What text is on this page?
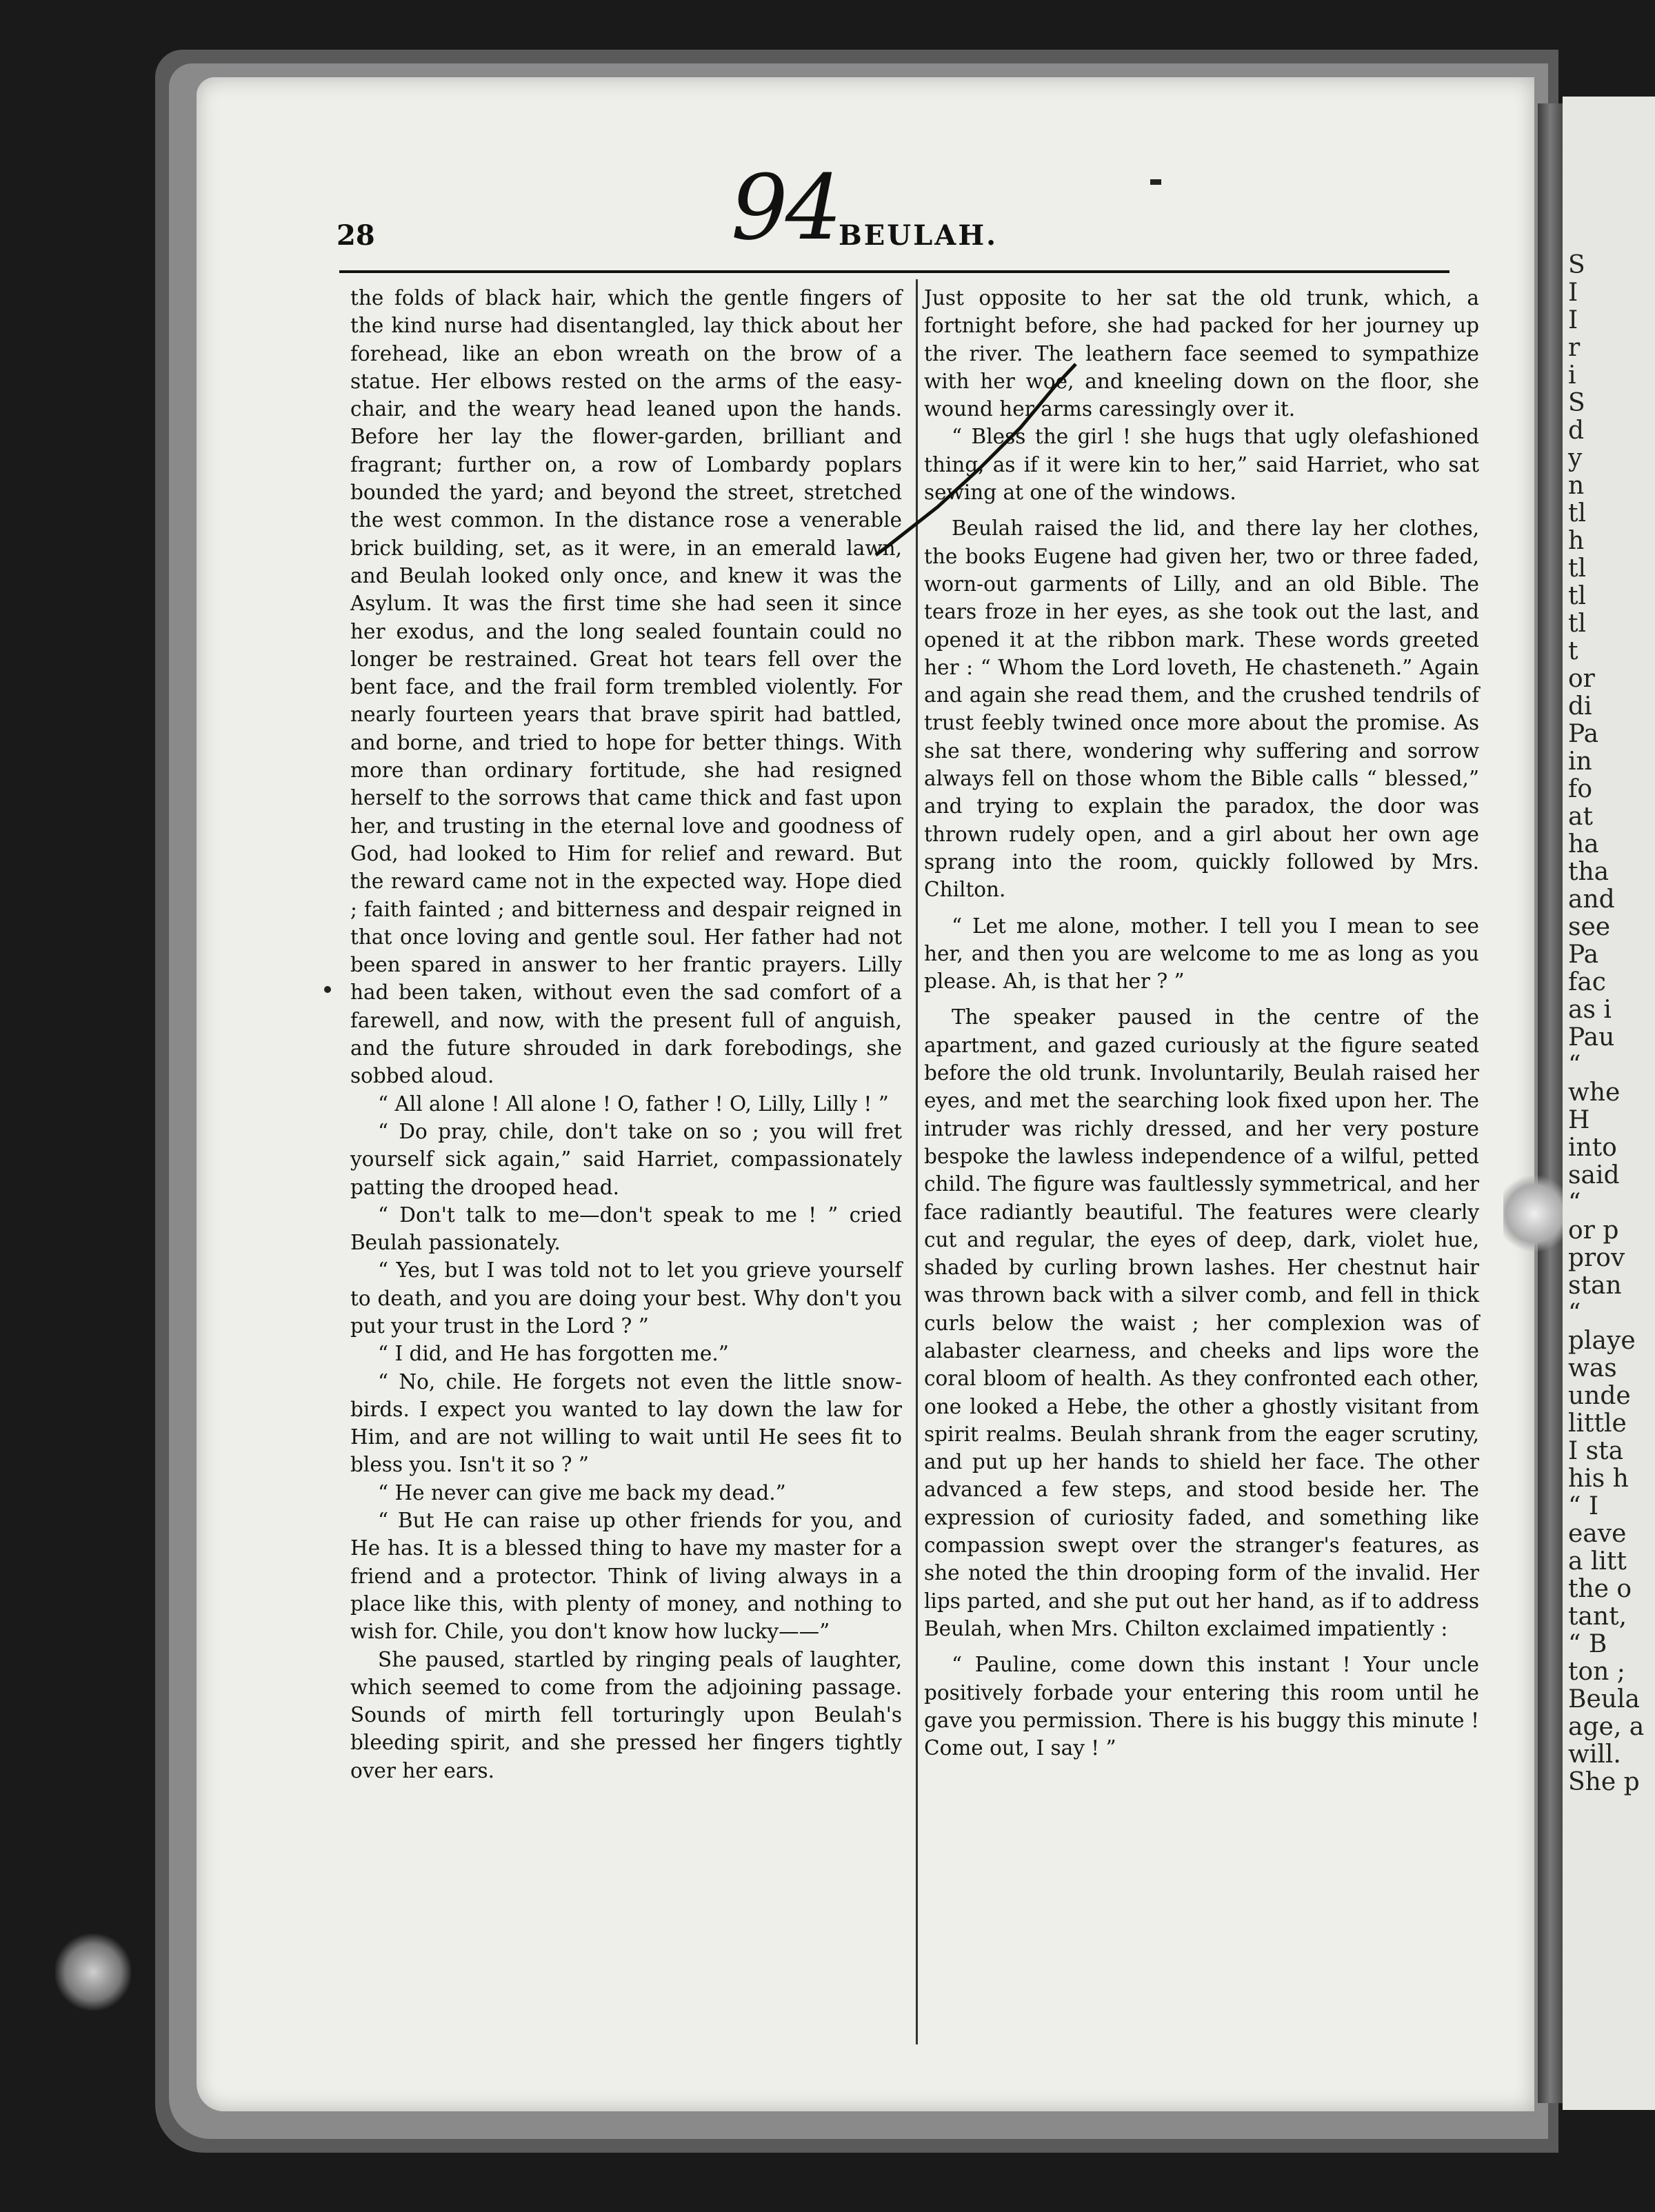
94
28	BEULAH.

the folds of black hair, which the gentle fingers of the kind nurse had disentangled, lay thick about her forehead, like an ebon wreath on the brow of a statue. Her elbows rested on the arms of the easy-chair, and the weary head leaned upon the hands. Before her lay the flower-garden, brilliant and fragrant; further on, a row of Lombardy poplars bounded the yard; and beyond the street, stretched the west common. In the distance rose a venerable brick building, set, as it were, in an emerald lawn, and Beulah looked only once, and knew it was the Asylum. It was the first time she had seen it since her exodus, and the long sealed fountain could no longer be restrained. Great hot tears fell over the bent face, and the frail form trembled violently. For nearly fourteen years that brave spirit had battled, and borne, and tried to hope for better things. With more than ordinary fortitude, she had resigned herself to the sorrows that came thick and fast upon her, and trusting in the eternal love and goodness of God, had looked to Him for relief and reward. But the reward came not in the expected way. Hope died ; faith fainted ; and bitterness and despair reigned in that once loving and gentle soul. Her father had not been spared in answer to her frantic prayers. Lilly had been taken, without even the sad comfort of a farewell, and now, with the present full of anguish, and the future shrouded in dark forebodings, she sobbed aloud.

“ All alone ! All alone ! O, father ! O, Lilly, Lilly ! ”

“ Do pray, chile, don't take on so ; you will fret yourself sick again,” said Harriet, compassionately patting the drooped head.

“ Don't talk to me—don't speak to me ! ” cried Beulah passionately.

“ Yes, but I was told not to let you grieve yourself to death, and you are doing your best. Why don't you put your trust in the Lord ? ”

“ I did, and He has forgotten me.”

“ No, chile. He forgets not even the little snow-birds. I expect you wanted to lay down the law for Him, and are not willing to wait until He sees fit to bless you. Isn't it so ? ”

“ He never can give me back my dead.”

“ But He can raise up other friends for you, and He has. It is a blessed thing to have my master for a friend and a protector. Think of living always in a place like this, with plenty of money, and nothing to wish for. Chile, you don't know how lucky——”

She paused, startled by ringing peals of laughter, which seemed to come from the adjoining passage. Sounds of mirth fell torturingly upon Beulah's bleeding spirit, and she pressed her fingers tightly over her ears.

Just opposite to her sat the old trunk, which, a fortnight before, she had packed for her journey up the river. The leathern face seemed to sympathize with her woe, and kneeling down on the floor, she wound her arms caressingly over it.

“ Bless the girl ! she hugs that ugly olefashioned thing, as if it were kin to her,” said Harriet, who sat sewing at one of the windows.

Beulah raised the lid, and there lay her clothes, the books Eugene had given her, two or three faded, worn-out garments of Lilly, and an old Bible. The tears froze in her eyes, as she took out the last, and opened it at the ribbon mark. These words greeted her : “ Whom the Lord loveth, He chasteneth.” Again and again she read them, and the crushed tendrils of trust feebly twined once more about the promise. As she sat there, wondering why suffering and sorrow always fell on those whom the Bible calls “ blessed,” and trying to explain the paradox, the door was thrown rudely open, and a girl about her own age sprang into the room, quickly followed by Mrs. Chilton.

“ Let me alone, mother. I tell you I mean to see her, and then you are welcome to me as long as you please. Ah, is that her ? ”

The speaker paused in the centre of the apartment, and gazed curiously at the figure seated before the old trunk. Involuntarily, Beulah raised her eyes, and met the searching look fixed upon her. The intruder was richly dressed, and her very posture bespoke the lawless independence of a wilful, petted child. The figure was faultlessly symmetrical, and her face radiantly beautiful. The features were clearly cut and regular, the eyes of deep, dark, violet hue, shaded by curling brown lashes. Her chestnut hair was thrown back with a silver comb, and fell in thick curls below the waist ; her complexion was of alabaster clearness, and cheeks and lips wore the coral bloom of health. As they confronted each other, one looked a Hebe, the other a ghostly visitant from spirit realms. Beulah shrank from the eager scrutiny, and put up her hands to shield her face. The other advanced a few steps, and stood beside her. The expression of curiosity faded, and something like compassion swept over the stranger's features, as she noted the thin drooping form of the invalid. Her lips parted, and she put out her hand, as if to address Beulah, when Mrs. Chilton exclaimed impatiently :

“ Pauline, come down this instant ! Your uncle positively forbade your entering this room until he gave you permission. There is his buggy this minute ! Come out, I say ! ”

S
I
I
r
i
S
d
y
n
tl
h
tl
tl
tl
t
or
di
Pa
in
fo
at
ha
tha
and
see
Pa
fac
as i
Pau
“
whe
H
into
said
“
or p
prov
stan
“
playe
was
unde
little
I sta
his h
“ I
eave
a litt
the o
tant,
“ B
ton ;
Beula
age, a
will.
She p
